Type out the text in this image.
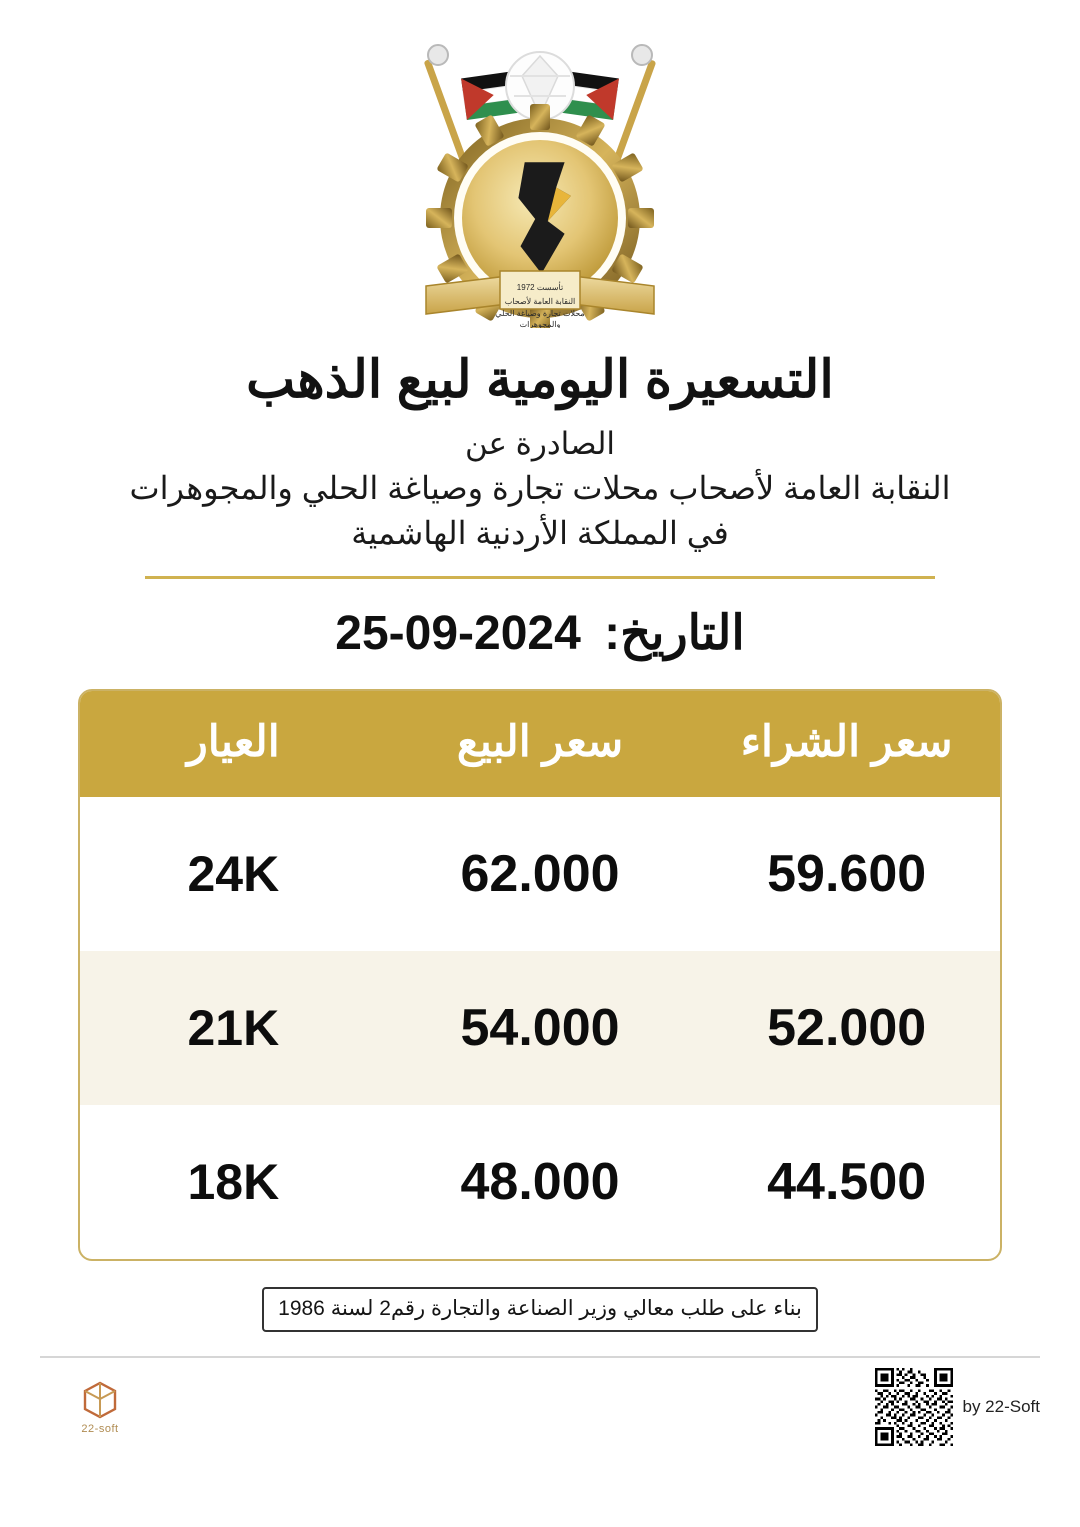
تأسست 1972
النقابة العامة لأصحاب
محلات تجارة وصياغة الحلي
والمجوهرات
التسعيرة اليومية لبيع الذهب
الصادرة عن
النقابة العامة لأصحاب محلات تجارة وصياغة الحلي والمجوهرات
في المملكة الأردنية الهاشمية
التاريخ: 25-09-2024
سعر الشراء	سعر البيع	العيار
59.600	62.000	24K
52.000	54.000	21K
44.500	48.000	18K
بناء على طلب معالي وزير الصناعة والتجارة رقم2 لسنة 1986
22-soft
by 22-Soft
